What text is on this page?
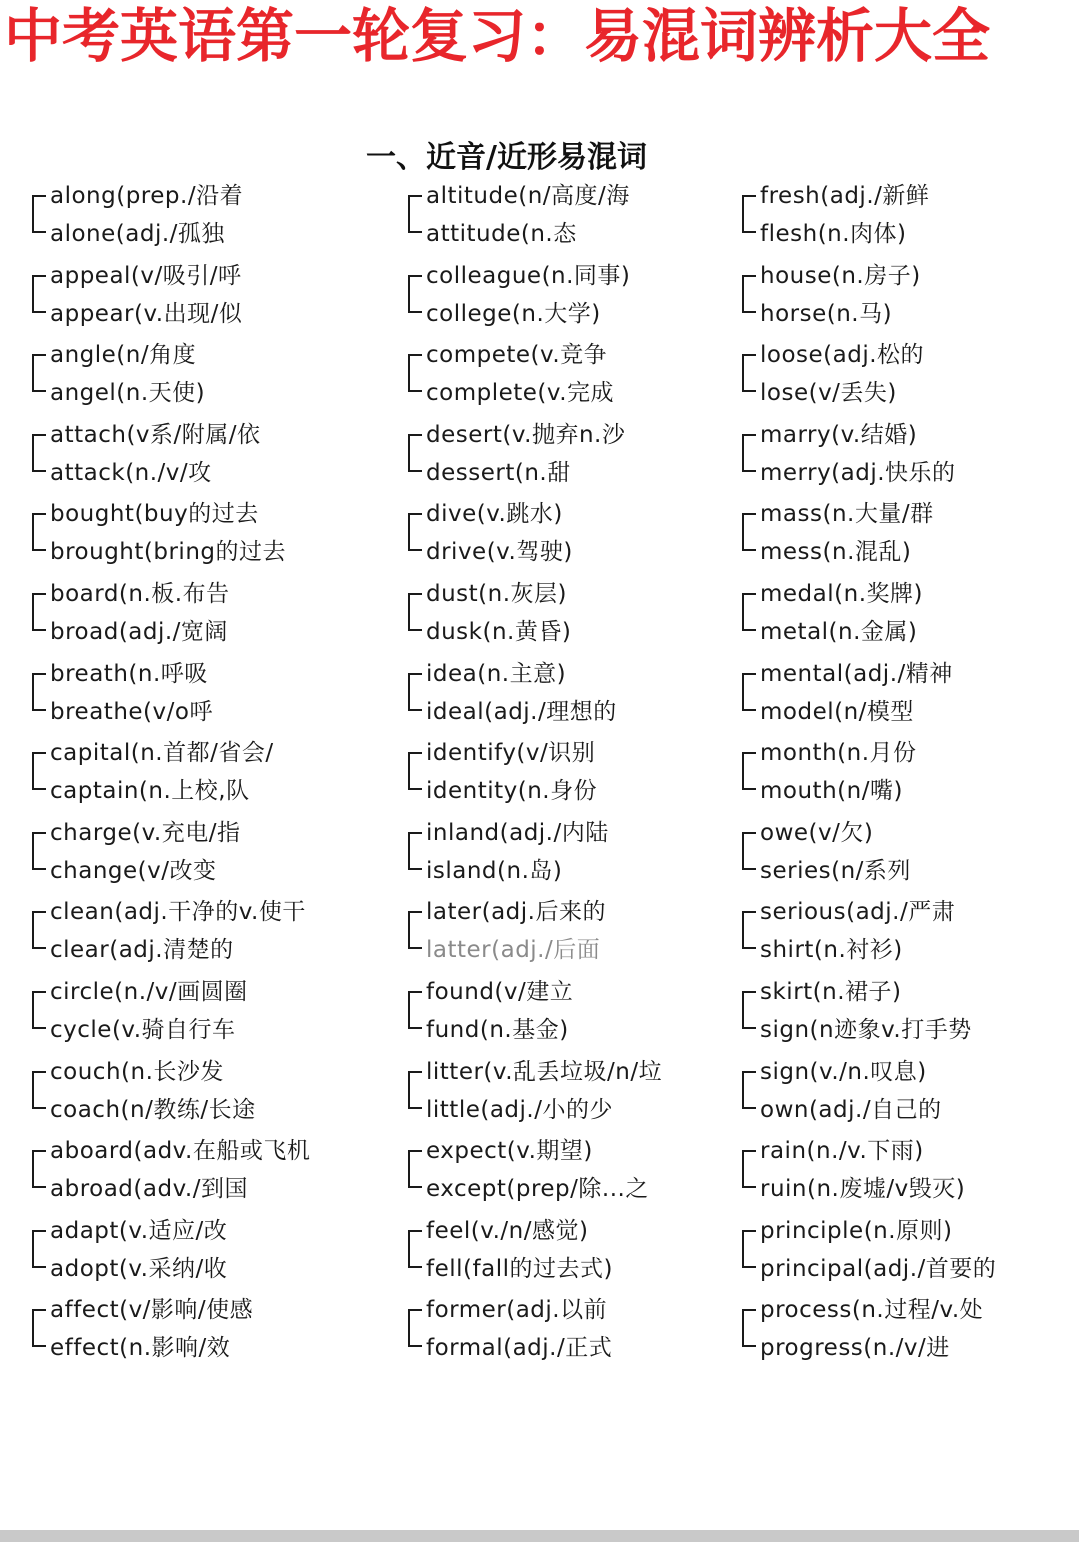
中考英语第一轮复习：易混词辨析大全
一、近音/近形易混词
along(prep./沿着
alone(adj./孤独
appeal(v/吸引/呼
appear(v.出现/似
angle(n/角度
angel(n.天使)
attach(v系/附属/依
attack(n./v/攻
bought(buy的过去
brought(bring的过去
board(n.板.布告
broad(adj./宽阔
breath(n.呼吸
breathe(v/o呼
capital(n.首都/省会/
captain(n.上校,队
charge(v.充电/指
change(v/改变
clean(adj.干净的v.使干
clear(adj.清楚的
circle(n./v/画圆圈
cycle(v.骑自行车
couch(n.长沙发
coach(n/教练/长途
aboard(adv.在船或飞机
abroad(adv./到国
adapt(v.适应/改
adopt(v.采纳/收
affect(v/影响/使感
effect(n.影响/效
altitude(n/高度/海
attitude(n.态
colleague(n.同事)
college(n.大学)
compete(v.竞争
complete(v.完成
desert(v.抛弃n.沙
dessert(n.甜
dive(v.跳水)
drive(v.驾驶)
dust(n.灰层)
dusk(n.黄昏)
idea(n.主意)
ideal(adj./理想的
identify(v/识别
identity(n.身份
inland(adj./内陆
island(n.岛)
later(adj.后来的
latter(adj./后面
found(v/建立
fund(n.基金)
litter(v.乱丢垃圾/n/垃
little(adj./小的少
expect(v.期望)
except(prep/除...之
feel(v./n/感觉)
fell(fall的过去式)
former(adj.以前
formal(adj./正式
fresh(adj./新鲜
flesh(n.肉体)
house(n.房子)
horse(n.马)
loose(adj.松的
lose(v/丢失)
marry(v.结婚)
merry(adj.快乐的
mass(n.大量/群
mess(n.混乱)
medal(n.奖牌)
metal(n.金属)
mental(adj./精神
model(n/模型
month(n.月份
mouth(n/嘴)
owe(v/欠)
series(n/系列
serious(adj./严肃
shirt(n.衬衫)
skirt(n.裙子)
sign(n迹象v.打手势
sign(v./n.叹息)
own(adj./自己的
rain(n./v.下雨)
ruin(n.废墟/v毁灭)
principle(n.原则)
principal(adj./首要的
process(n.过程/v.处
progress(n./v/进
